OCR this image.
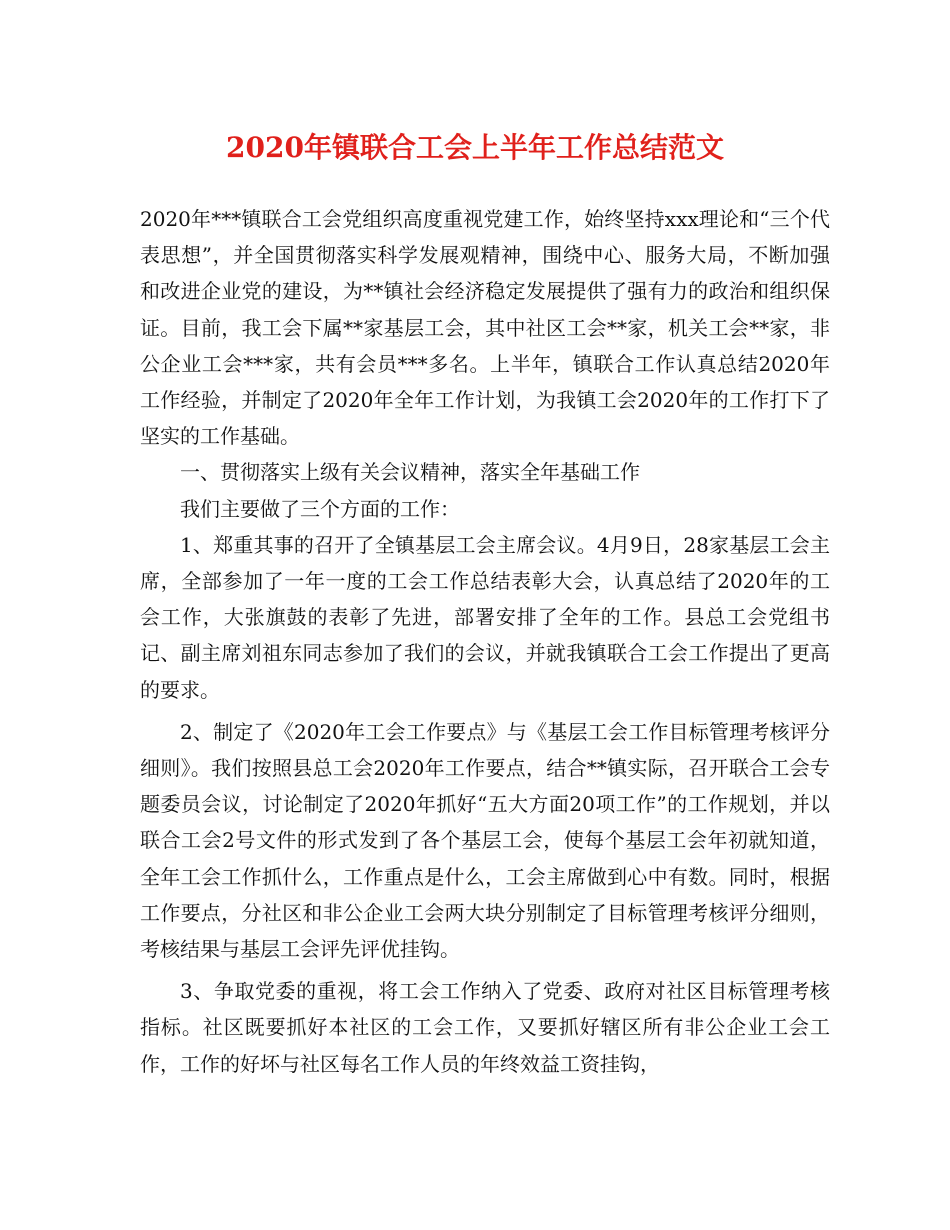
2020年镇联合工会上半年工作总结范文

2020年***镇联合工会党组织高度重视党建工作，始终坚持xxx理论和“三个代表思想”，并全国贯彻落实科学发展观精神，围绕中心、服务大局，不断加强和改进企业党的建设，为**镇社会经济稳定发展提供了强有力的政治和组织保证。目前，我工会下属**家基层工会，其中社区工会**家，机关工会**家，非公企业工会***家，共有会员***多名。上半年，镇联合工作认真总结2020年工作经验，并制定了2020年全年工作计划，为我镇工会2020年的工作打下了坚实的工作基础。

一、贯彻落实上级有关会议精神，落实全年基础工作

我们主要做了三个方面的工作：

1、郑重其事的召开了全镇基层工会主席会议。4月9日，28家基层工会主席，全部参加了一年一度的工会工作总结表彰大会，认真总结了2020年的工会工作，大张旗鼓的表彰了先进，部署安排了全年的工作。县总工会党组书记、副主席刘祖东同志参加了我们的会议，并就我镇联合工会工作提出了更高的要求。

2、制定了《2020年工会工作要点》与《基层工会工作目标管理考核评分细则》。我们按照县总工会2020年工作要点，结合**镇实际，召开联合工会专题委员会议，讨论制定了2020年抓好“五大方面20项工作”的工作规划，并以联合工会2号文件的形式发到了各个基层工会，使每个基层工会年初就知道，全年工会工作抓什么，工作重点是什么，工会主席做到心中有数。同时，根据工作要点，分社区和非公企业工会两大块分别制定了目标管理考核评分细则，考核结果与基层工会评先评优挂钩。

3、争取党委的重视，将工会工作纳入了党委、政府对社区目标管理考核指标。社区既要抓好本社区的工会工作，又要抓好辖区所有非公企业工会工作，工作的好坏与社区每名工作人员的年终效益工资挂钩，
